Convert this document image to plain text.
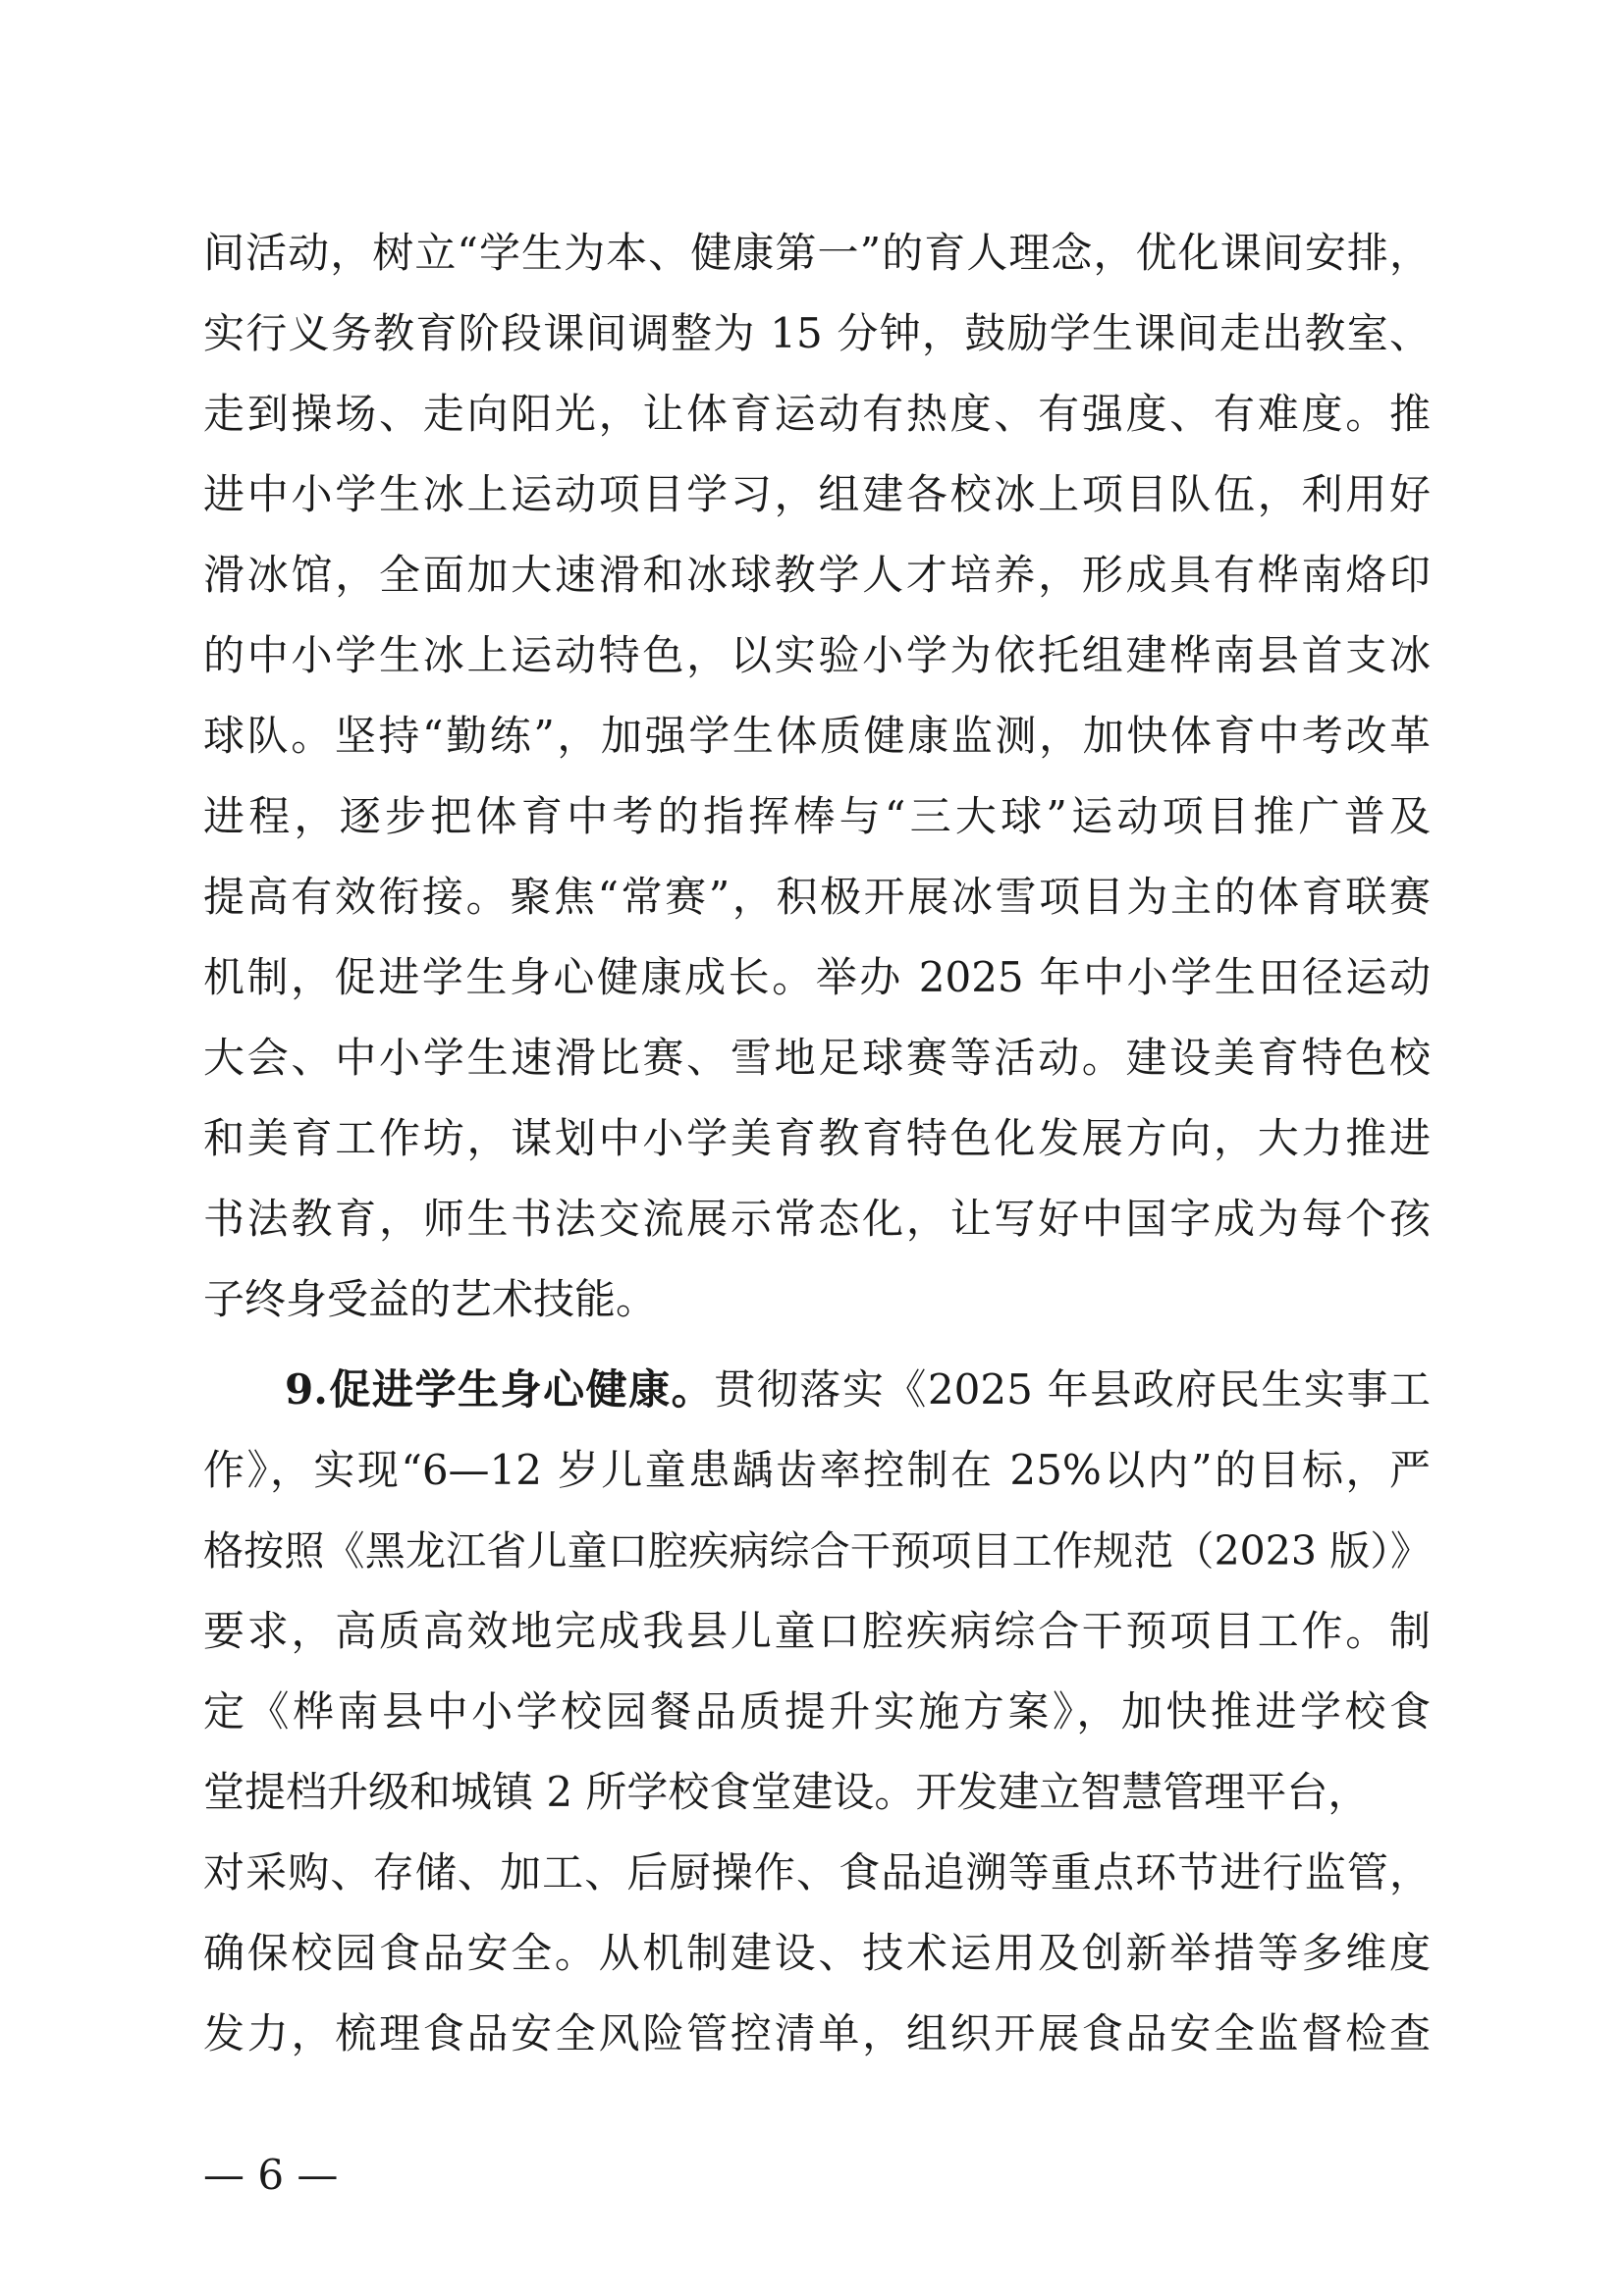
间活动，树立“学生为本、健康第一”的育人理念，优化课间安排，
实行义务教育阶段课间调整为 15 分钟，鼓励学生课间走出教室、
走到操场、走向阳光，让体育运动有热度、有强度、有难度。推
进中小学生冰上运动项目学习，组建各校冰上项目队伍，利用好
滑冰馆，全面加大速滑和冰球教学人才培养，形成具有桦南烙印
的中小学生冰上运动特色，以实验小学为依托组建桦南县首支冰
球队。坚持“勤练”，加强学生体质健康监测，加快体育中考改革
进程，逐步把体育中考的指挥棒与“三大球”运动项目推广普及
提高有效衔接。聚焦“常赛”，积极开展冰雪项目为主的体育联赛
机制，促进学生身心健康成长。举办 2025 年中小学生田径运动
大会、中小学生速滑比赛、雪地足球赛等活动。建设美育特色校
和美育工作坊，谋划中小学美育教育特色化发展方向，大力推进
书法教育，师生书法交流展示常态化，让写好中国字成为每个孩
子终身受益的艺术技能。
9.促进学生身心健康。贯彻落实《2025 年县政府民生实事工
作》，实现“6—12 岁儿童患龋齿率控制在 25%以内”的目标，严
格按照《黑龙江省儿童口腔疾病综合干预项目工作规范（2023 版）》
要求，高质高效地完成我县儿童口腔疾病综合干预项目工作。制
定《桦南县中小学校园餐品质提升实施方案》，加快推进学校食
堂提档升级和城镇 2 所学校食堂建设。开发建立智慧管理平台，
对采购、存储、加工、后厨操作、食品追溯等重点环节进行监管，
确保校园食品安全。从机制建设、技术运用及创新举措等多维度
发力，梳理食品安全风险管控清单，组织开展食品安全监督检查
— 6 —
